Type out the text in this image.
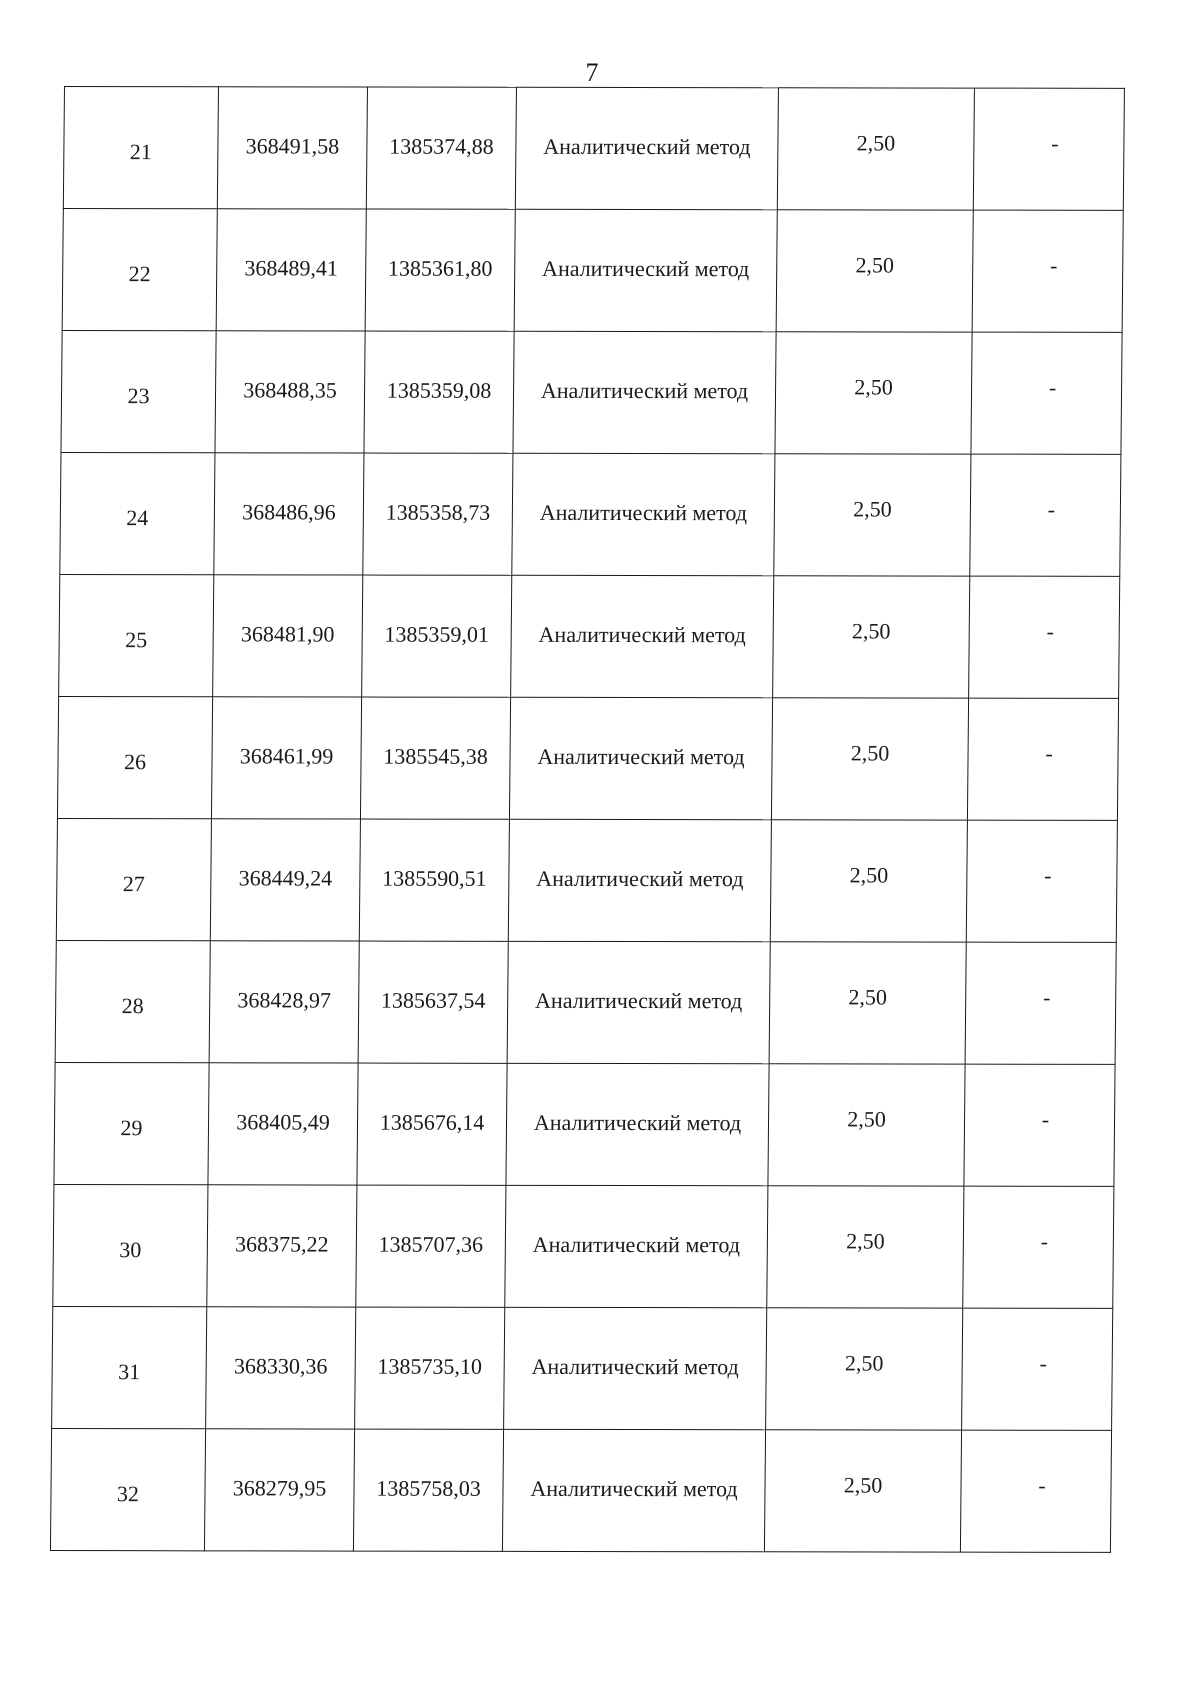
7
21	368491,58	1385374,88	Аналитический метод	2,50	-
22	368489,41	1385361,80	Аналитический метод	2,50	-
23	368488,35	1385359,08	Аналитический метод	2,50	-
24	368486,96	1385358,73	Аналитический метод	2,50	-
25	368481,90	1385359,01	Аналитический метод	2,50	-
26	368461,99	1385545,38	Аналитический метод	2,50	-
27	368449,24	1385590,51	Аналитический метод	2,50	-
28	368428,97	1385637,54	Аналитический метод	2,50	-
29	368405,49	1385676,14	Аналитический метод	2,50	-
30	368375,22	1385707,36	Аналитический метод	2,50	-
31	368330,36	1385735,10	Аналитический метод	2,50	-
32	368279,95	1385758,03	Аналитический метод	2,50	-
